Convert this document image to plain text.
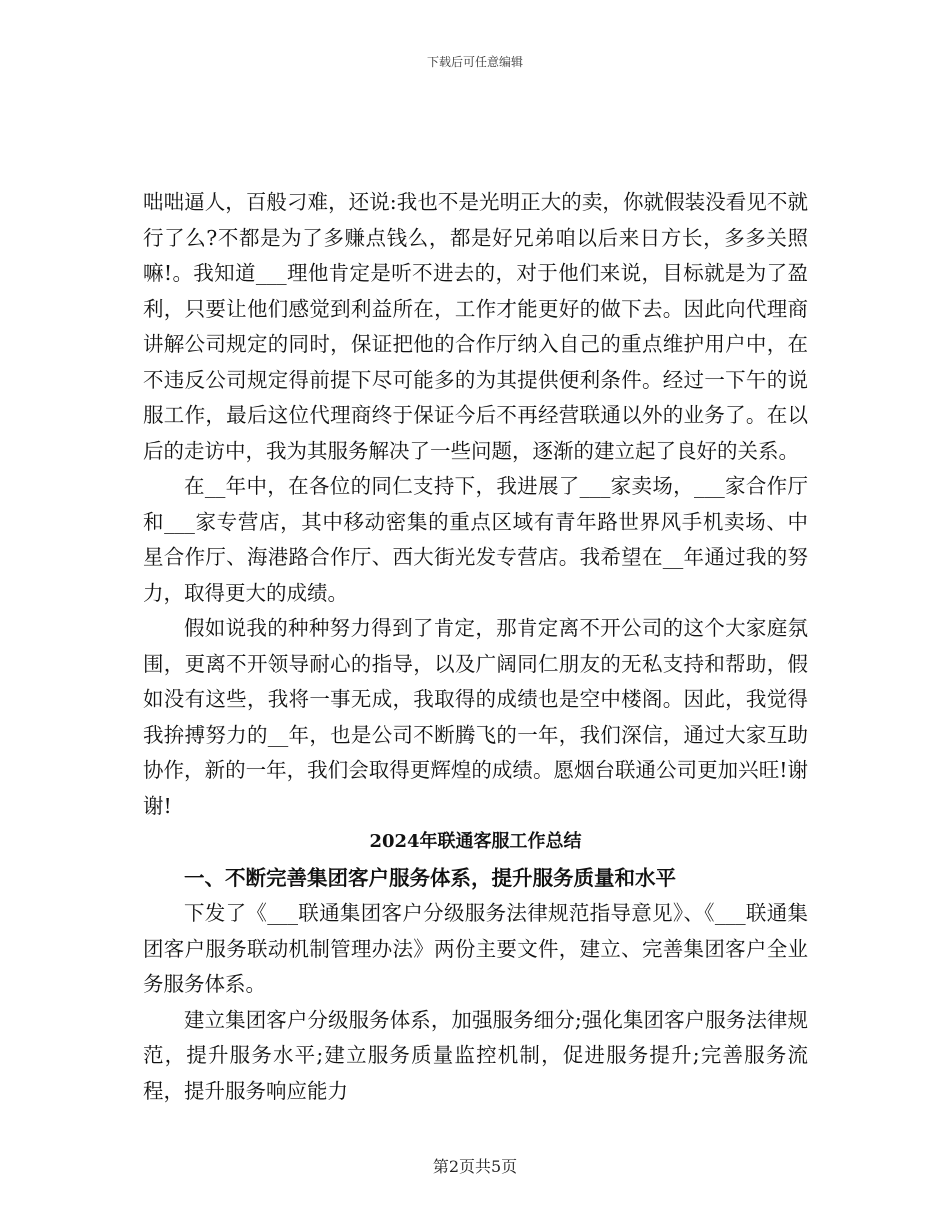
下载后可任意编辑

咄咄逼人，百般刁难，还说:我也不是光明正大的卖，你就假装没看见不就行了么?不都是为了多赚点钱么，都是好兄弟咱以后来日方长，多多关照嘛!。我知道___理他肯定是听不进去的，对于他们来说，目标就是为了盈利，只要让他们感觉到利益所在，工作才能更好的做下去。因此向代理商讲解公司规定的同时，保证把他的合作厅纳入自己的重点维护用户中，在不违反公司规定得前提下尽可能多的为其提供便利条件。经过一下午的说服工作，最后这位代理商终于保证今后不再经营联通以外的业务了。在以后的走访中，我为其服务解决了一些问题，逐渐的建立起了良好的关系。

在__年中，在各位的同仁支持下，我进展了___家卖场，___家合作厅和___家专营店，其中移动密集的重点区域有青年路世界风手机卖场、中星合作厅、海港路合作厅、西大街光发专营店。我希望在__年通过我的努力，取得更大的成绩。

假如说我的种种努力得到了肯定，那肯定离不开公司的这个大家庭氛围，更离不开领导耐心的指导，以及广阔同仁朋友的无私支持和帮助，假如没有这些，我将一事无成，我取得的成绩也是空中楼阁。因此，我觉得我拚搏努力的__年，也是公司不断腾飞的一年，我们深信，通过大家互助协作，新的一年，我们会取得更辉煌的成绩。愿烟台联通公司更加兴旺!谢谢!

2024年联通客服工作总结

一、不断完善集团客户服务体系，提升服务质量和水平

下发了《___联通集团客户分级服务法律规范指导意见》、《___联通集团客户服务联动机制管理办法》两份主要文件，建立、完善集团客户全业务服务体系。

建立集团客户分级服务体系，加强服务细分;强化集团客户服务法律规范，提升服务水平;建立服务质量监控机制，促进服务提升;完善服务流程，提升服务响应能力

第2页共5页
